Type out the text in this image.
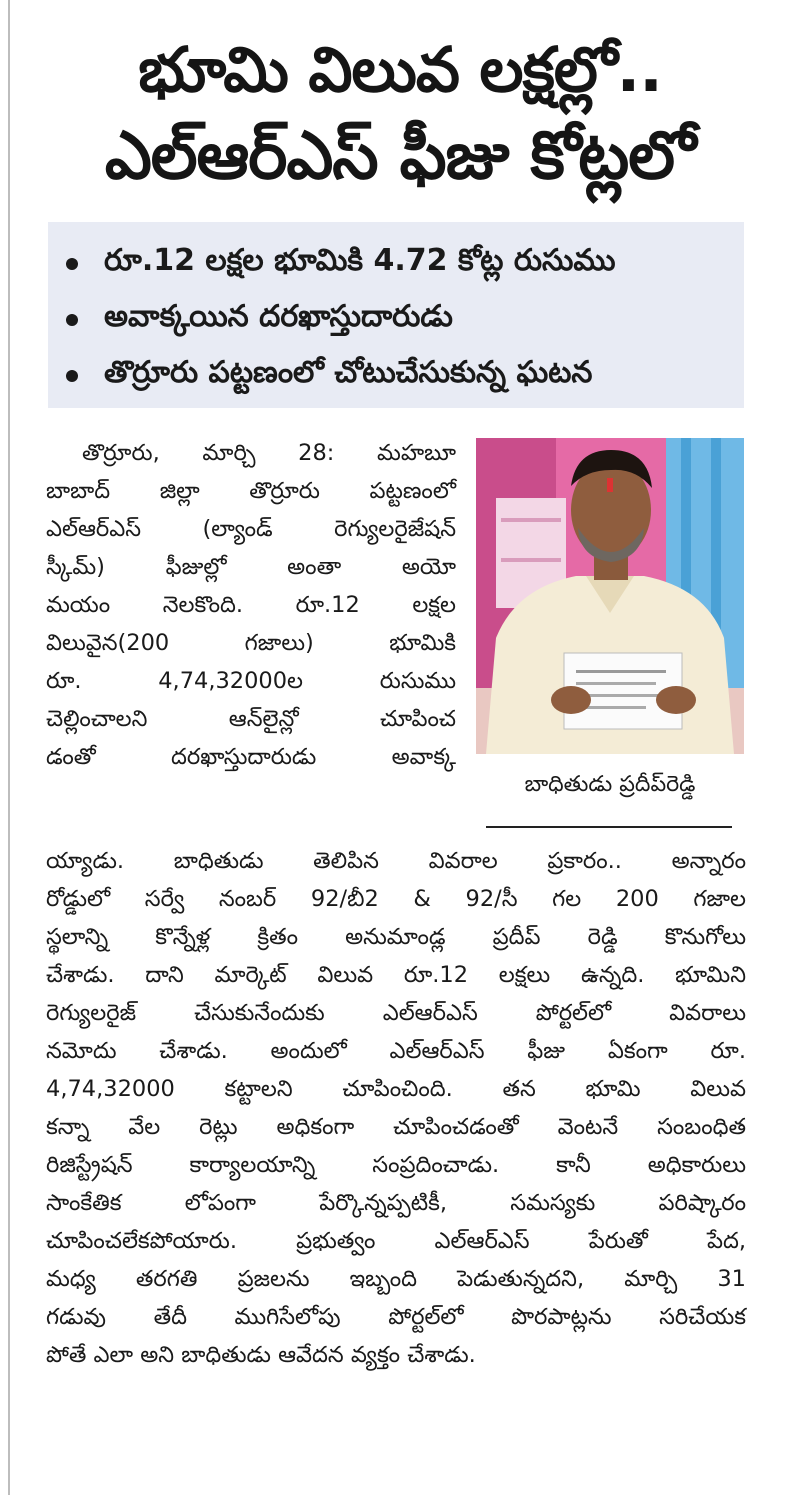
భూమి విలువ లక్షల్లో..
ఎల్‌ఆర్‌ఎస్‌ ఫీజు కోట్లలో
రూ.12 లక్షల భూమికి 4.72 కోట్ల రుసుము
అవాక్కయిన దరఖాస్తుదారుడు
తొర్రూరు పట్టణంలో చోటుచేసుకున్న ఘటన
బాధితుడు ప్రదీప్‌రెడ్డి
తొర్రూరు, మార్చి 28: మహబూ
బాబాద్‌ జిల్లా తొర్రూరు పట్టణంలో
ఎల్‌ఆర్‌ఎస్‌ (ల్యాండ్‌ రెగ్యులరైజేషన్‌
స్కీమ్‌) ఫీజుల్లో అంతా అయో
మయం నెలకొంది. రూ.12 లక్షల
విలువైన(200 గజాలు) భూమికి
రూ. 4,74,32000ల రుసుము
చెల్లించాలని ఆన్‌లైన్లో చూపించ
డంతో దరఖాస్తుదారుడు అవాక్క
య్యాడు. బాధితుడు తెలిపిన వివరాల ప్రకారం.. అన్నారం
రోడ్డులో సర్వే నంబర్‌ 92/బీ2 & 92/సీ గల 200 గజాల
స్థలాన్ని కొన్నేళ్ల క్రితం అనుమాండ్ల ప్రదీప్‌ రెడ్డి కొనుగోలు
చేశాడు. దాని మార్కెట్‌ విలువ రూ.12 లక్షలు ఉన్నది. భూమిని
రెగ్యులరైజ్‌ చేసుకునేందుకు ఎల్‌ఆర్‌ఎస్‌ పోర్టల్‌లో వివరాలు
నమోదు చేశాడు. అందులో ఎల్‌ఆర్‌ఎస్‌ ఫీజు ఏకంగా రూ.
4,74,32000 కట్టాలని చూపించింది. తన భూమి విలువ
కన్నా వేల రెట్లు అధికంగా చూపించడంతో వెంటనే సంబంధిత
రిజిస్ట్రేషన్‌ కార్యాలయాన్ని సంప్రదించాడు. కానీ అధికారులు
సాంకేతిక లోపంగా పేర్కొన్నప్పటికీ, సమస్యకు పరిష్కారం
చూపించలేకపోయారు. ప్రభుత్వం ఎల్‌ఆర్‌ఎస్‌ పేరుతో పేద,
మధ్య తరగతి ప్రజలను ఇబ్బంది పెడుతున్నదని, మార్చి 31
గడువు తేదీ ముగిసేలోపు పోర్టల్‌లో పొరపాట్లను సరిచేయక
పోతే ఎలా అని బాధితుడు ఆవేదన వ్యక్తం చేశాడు.
